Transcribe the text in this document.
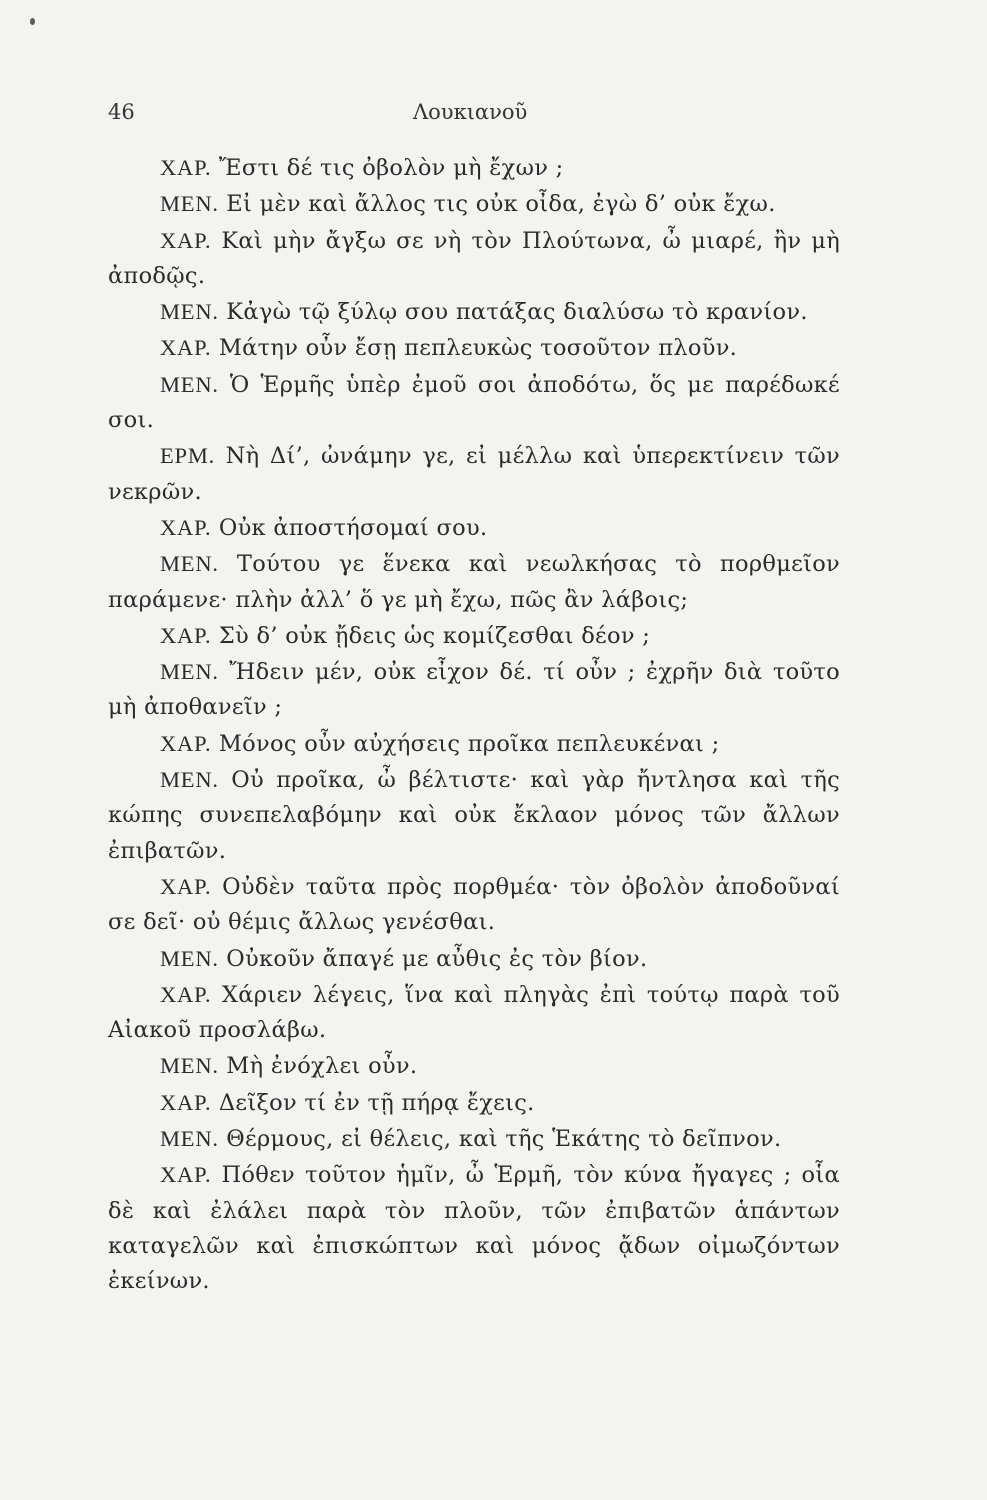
46	Λουκιανοῦ

ΧΑΡ. Ἔστι δέ τις ὀβολὸν μὴ ἔχων ;

ΜΕΝ. Εἰ μὲν καὶ ἄλλος τις οὐκ οἶδα, ἐγὼ δ’ οὐκ ἔχω.

ΧΑΡ. Καὶ μὴν ἄγξω σε νὴ τὸν Πλούτωνα, ὦ μιαρέ, ἢν μὴ ἀποδῷς.

ΜΕΝ. Κἀγὼ τῷ ξύλῳ σου πατάξας διαλύσω τὸ κρανίον.

ΧΑΡ. Μάτην οὖν ἔσῃ πεπλευκὼς τοσοῦτον πλοῦν.

ΜΕΝ. Ὁ Ἑρμῆς ὑπὲρ ἐμοῦ σοι ἀποδότω, ὅς με παρέδωκέ σοι.

ΕΡΜ. Νὴ Δί’, ὠνάμην γε, εἰ μέλλω καὶ ὑπερεκτίνειν τῶν νεκρῶν.

ΧΑΡ. Οὐκ ἀποστήσομαί σου.

ΜΕΝ. Τούτου γε ἕνεκα καὶ νεωλκήσας τὸ πορθμεῖον παράμενε· πλὴν ἀλλ’ ὅ γε μὴ ἔχω, πῶς ἂν λάβοις;

ΧΑΡ. Σὺ δ’ οὐκ ᾔδεις ὡς κομίζεσθαι δέον ;

ΜΕΝ. Ἤδειν μέν, οὐκ εἶχον δέ. τί οὖν ; ἐχρῆν διὰ τοῦτο μὴ ἀποθανεῖν ;

ΧΑΡ. Μόνος οὖν αὐχήσεις προῖκα πεπλευκέναι ;

ΜΕΝ. Οὐ προῖκα, ὦ βέλτιστε· καὶ γὰρ ἤντλησα καὶ τῆς κώπης συνεπελαβόμην καὶ οὐκ ἔκλαον μόνος τῶν ἄλλων ἐπιβατῶν.

ΧΑΡ. Οὐδὲν ταῦτα πρὸς πορθμέα· τὸν ὀβολὸν ἀποδοῦναί σε δεῖ· οὐ θέμις ἄλλως γενέσθαι.

ΜΕΝ. Οὐκοῦν ἄπαγέ με αὖθις ἐς τὸν βίον.

ΧΑΡ. Χάριεν λέγεις, ἵνα καὶ πληγὰς ἐπὶ τούτῳ παρὰ τοῦ Αἰακοῦ προσλάβω.

ΜΕΝ. Μὴ ἐνόχλει οὖν.

ΧΑΡ. Δεῖξον τί ἐν τῇ πήρᾳ ἔχεις.

ΜΕΝ. Θέρμους, εἰ θέλεις, καὶ τῆς Ἑκάτης τὸ δεῖπνον.

ΧΑΡ. Πόθεν τοῦτον ἡμῖν, ὦ Ἑρμῆ, τὸν κύνα ἤγαγες ; οἷα δὲ καὶ ἐλάλει παρὰ τὸν πλοῦν, τῶν ἐπιβατῶν ἁπάντων καταγελῶν καὶ ἐπισκώπτων καὶ μόνος ᾄδων οἰμωζόντων ἐκείνων.
